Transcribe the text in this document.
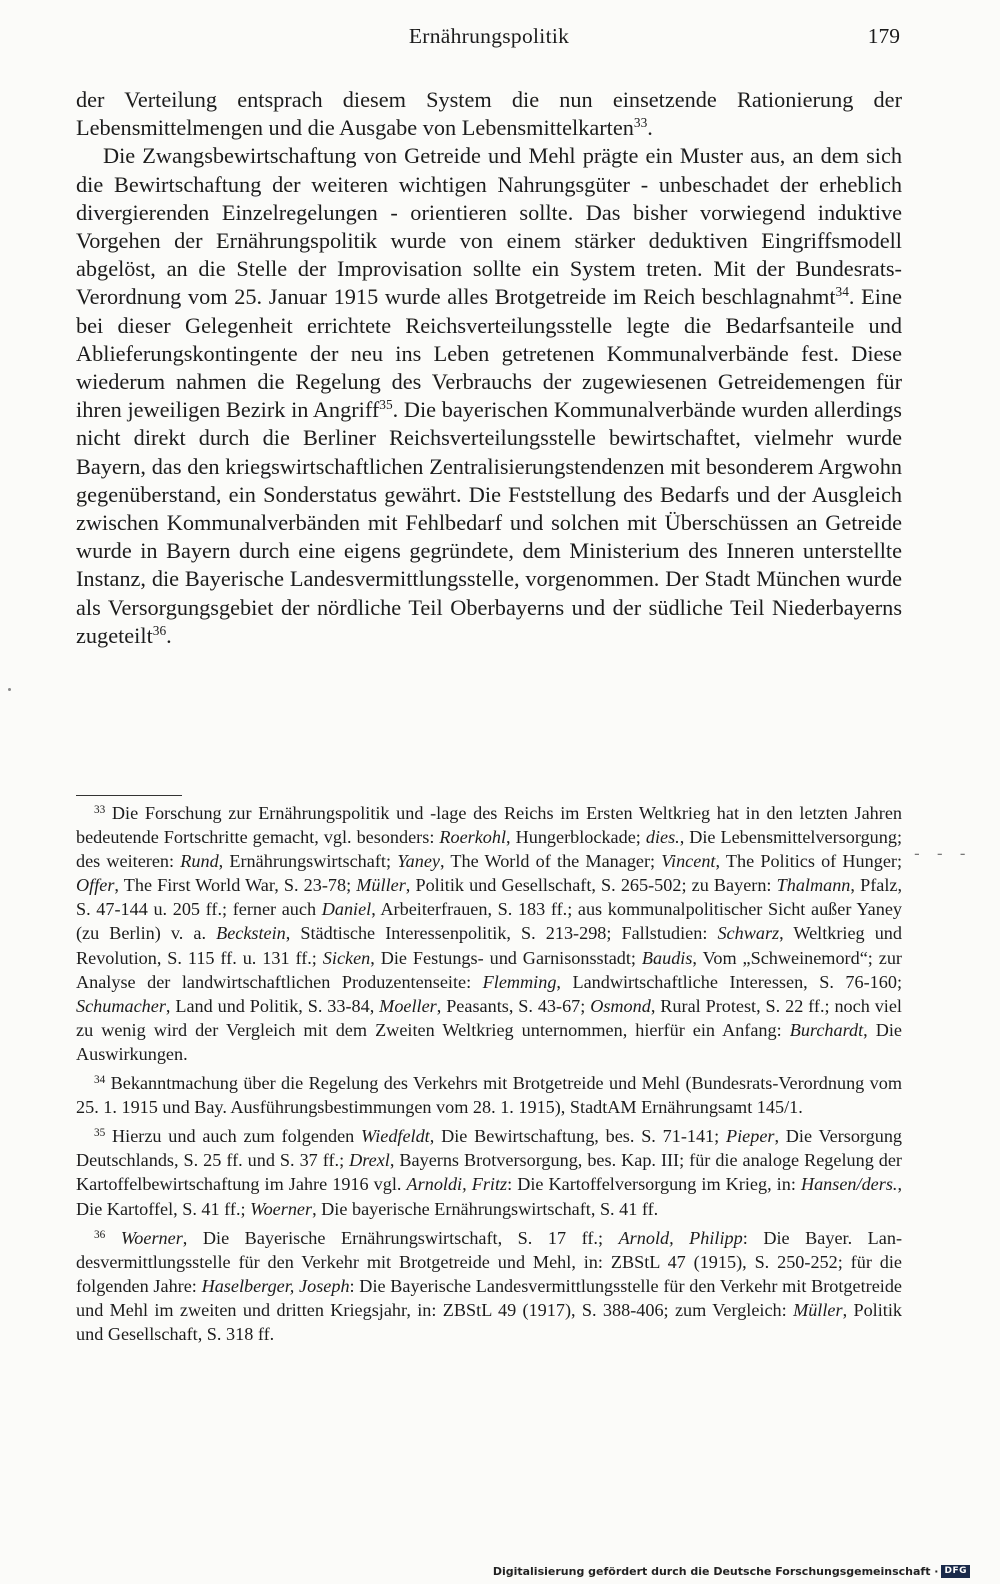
Ernährungspolitik	179

der Verteilung entsprach diesem System die nun einsetzende Rationierung der Lebensmittelmengen und die Ausgabe von Lebensmittelkarten$^{33}$.

Die Zwangsbewirtschaftung von Getreide und Mehl prägte ein Muster aus, an dem sich die Bewirtschaftung der weiteren wichtigen Nahrungsgüter - unbeschadet der erheblich divergierenden Einzelregelungen - orientieren sollte. Das bisher vorwiegend induktive Vorgehen der Ernährungspolitik wurde von einem stärker deduktiven Eingriffsmodell abgelöst, an die Stelle der Improvisation sollte ein System treten. Mit der Bundesrats-Verordnung vom 25. Januar 1915 wurde alles Brotgetreide im Reich beschlagnahmt$^{34}$. Eine bei dieser Gelegenheit errichtete Reichsverteilungsstelle legte die Bedarfsanteile und Ablieferungskontingente der neu ins Leben getretenen Kommunalverbände fest. Diese wiederum nahmen die Regelung des Verbrauchs der zugewiesenen Getreidemengen für ihren jeweiligen Bezirk in Angriff$^{35}$. Die bayerischen Kommunalverbände wurden allerdings nicht direkt durch die Berliner Reichsverteilungsstelle bewirtschaftet, vielmehr wurde Bayern, das den kriegswirtschaftlichen Zentralisierungstendenzen mit besonderem Argwohn gegenüberstand, ein Sonderstatus gewährt. Die Feststellung des Bedarfs und der Ausgleich zwischen Kommunalverbänden mit Fehlbedarf und solchen mit Überschüssen an Getreide wurde in Bayern durch eine eigens gegründete, dem Ministerium des Inneren unterstellte Instanz, die Bayerische Landesvermittlungsstelle, vorgenommen. Der Stadt München wurde als Versorgungsgebiet der nördliche Teil Oberbayerns und der südliche Teil Niederbayerns zugeteilt$^{36}$.

$^{33}$ Die Forschung zur Ernährungspolitik und -lage des Reichs im Ersten Weltkrieg hat in den letzten Jahren bedeutende Fortschritte gemacht, vgl. besonders: Roerkohl, Hungerblockade; dies., Die Lebensmittelversorgung; des weiteren: Rund, Ernährungswirtschaft; Yaney, The World of the Manager; Vincent, The Politics of Hunger; Offer, The First World War, S. 23-78; Müller, Politik und Gesellschaft, S. 265-502; zu Bayern: Thalmann, Pfalz, S. 47-144 u. 205 ff.; ferner auch Daniel, Arbeiterfrauen, S. 183 ff.; aus kommunalpolitischer Sicht außer Yaney (zu Berlin) v. a. Beckstein, Städtische Interessenpolitik, S. 213-298; Fallstudien: Schwarz, Weltkrieg und Revolution, S. 115 ff. u. 131 ff.; Sicken, Die Festungs- und Garnisonsstadt; Baudis, Vom „Schweinemord“; zur Analyse der landwirtschaftlichen Produzentenseite: Flemming, Landwirtschaftliche Interessen, S. 76-160; Schumacher, Land und Politik, S. 33-84, Moeller, Peasants, S. 43-67; Osmond, Rural Protest, S. 22 ff.; noch viel zu wenig wird der Vergleich mit dem Zweiten Weltkrieg unternommen, hierfür ein Anfang: Burchardt, Die Auswirkungen.

$^{34}$ Bekanntmachung über die Regelung des Verkehrs mit Brotgetreide und Mehl (Bundesrats-Verordnung vom 25. 1. 1915 und Bay. Ausführungsbestimmungen vom 28. 1. 1915), StadtAM Ernährungsamt 145/1.

$^{35}$ Hierzu und auch zum folgenden Wiedfeldt, Die Bewirtschaftung, bes. S. 71-141; Pieper, Die Versorgung Deutschlands, S. 25 ff. und S. 37 ff.; Drexl, Bayerns Brotversorgung, bes. Kap. III; für die analoge Regelung der Kartoffelbewirtschaftung im Jahre 1916 vgl. Arnoldi, Fritz: Die Kartoffelversorgung im Krieg, in: Hansen/ders., Die Kartoffel, S. 41 ff.; Woerner, Die bayerische Ernährungswirtschaft, S. 41 ff.

$^{36}$ Woerner, Die Bayerische Ernährungswirtschaft, S. 17 ff.; Arnold, Philipp: Die Bayer. Landesvermittlungsstelle für den Verkehr mit Brotgetreide und Mehl, in: ZBStL 47 (1915), S. 250-252; für die folgenden Jahre: Haselberger, Joseph: Die Bayerische Landesvermittlungsstelle für den Verkehr mit Brotgetreide und Mehl im zweiten und dritten Kriegsjahr, in: ZBStL 49 (1917), S. 388-406; zum Vergleich: Müller, Politik und Gesellschaft, S. 318 ff.

- - -
Digitalisierung gefördert durch die Deutsche Forschungsgemeinschaft · DFG
